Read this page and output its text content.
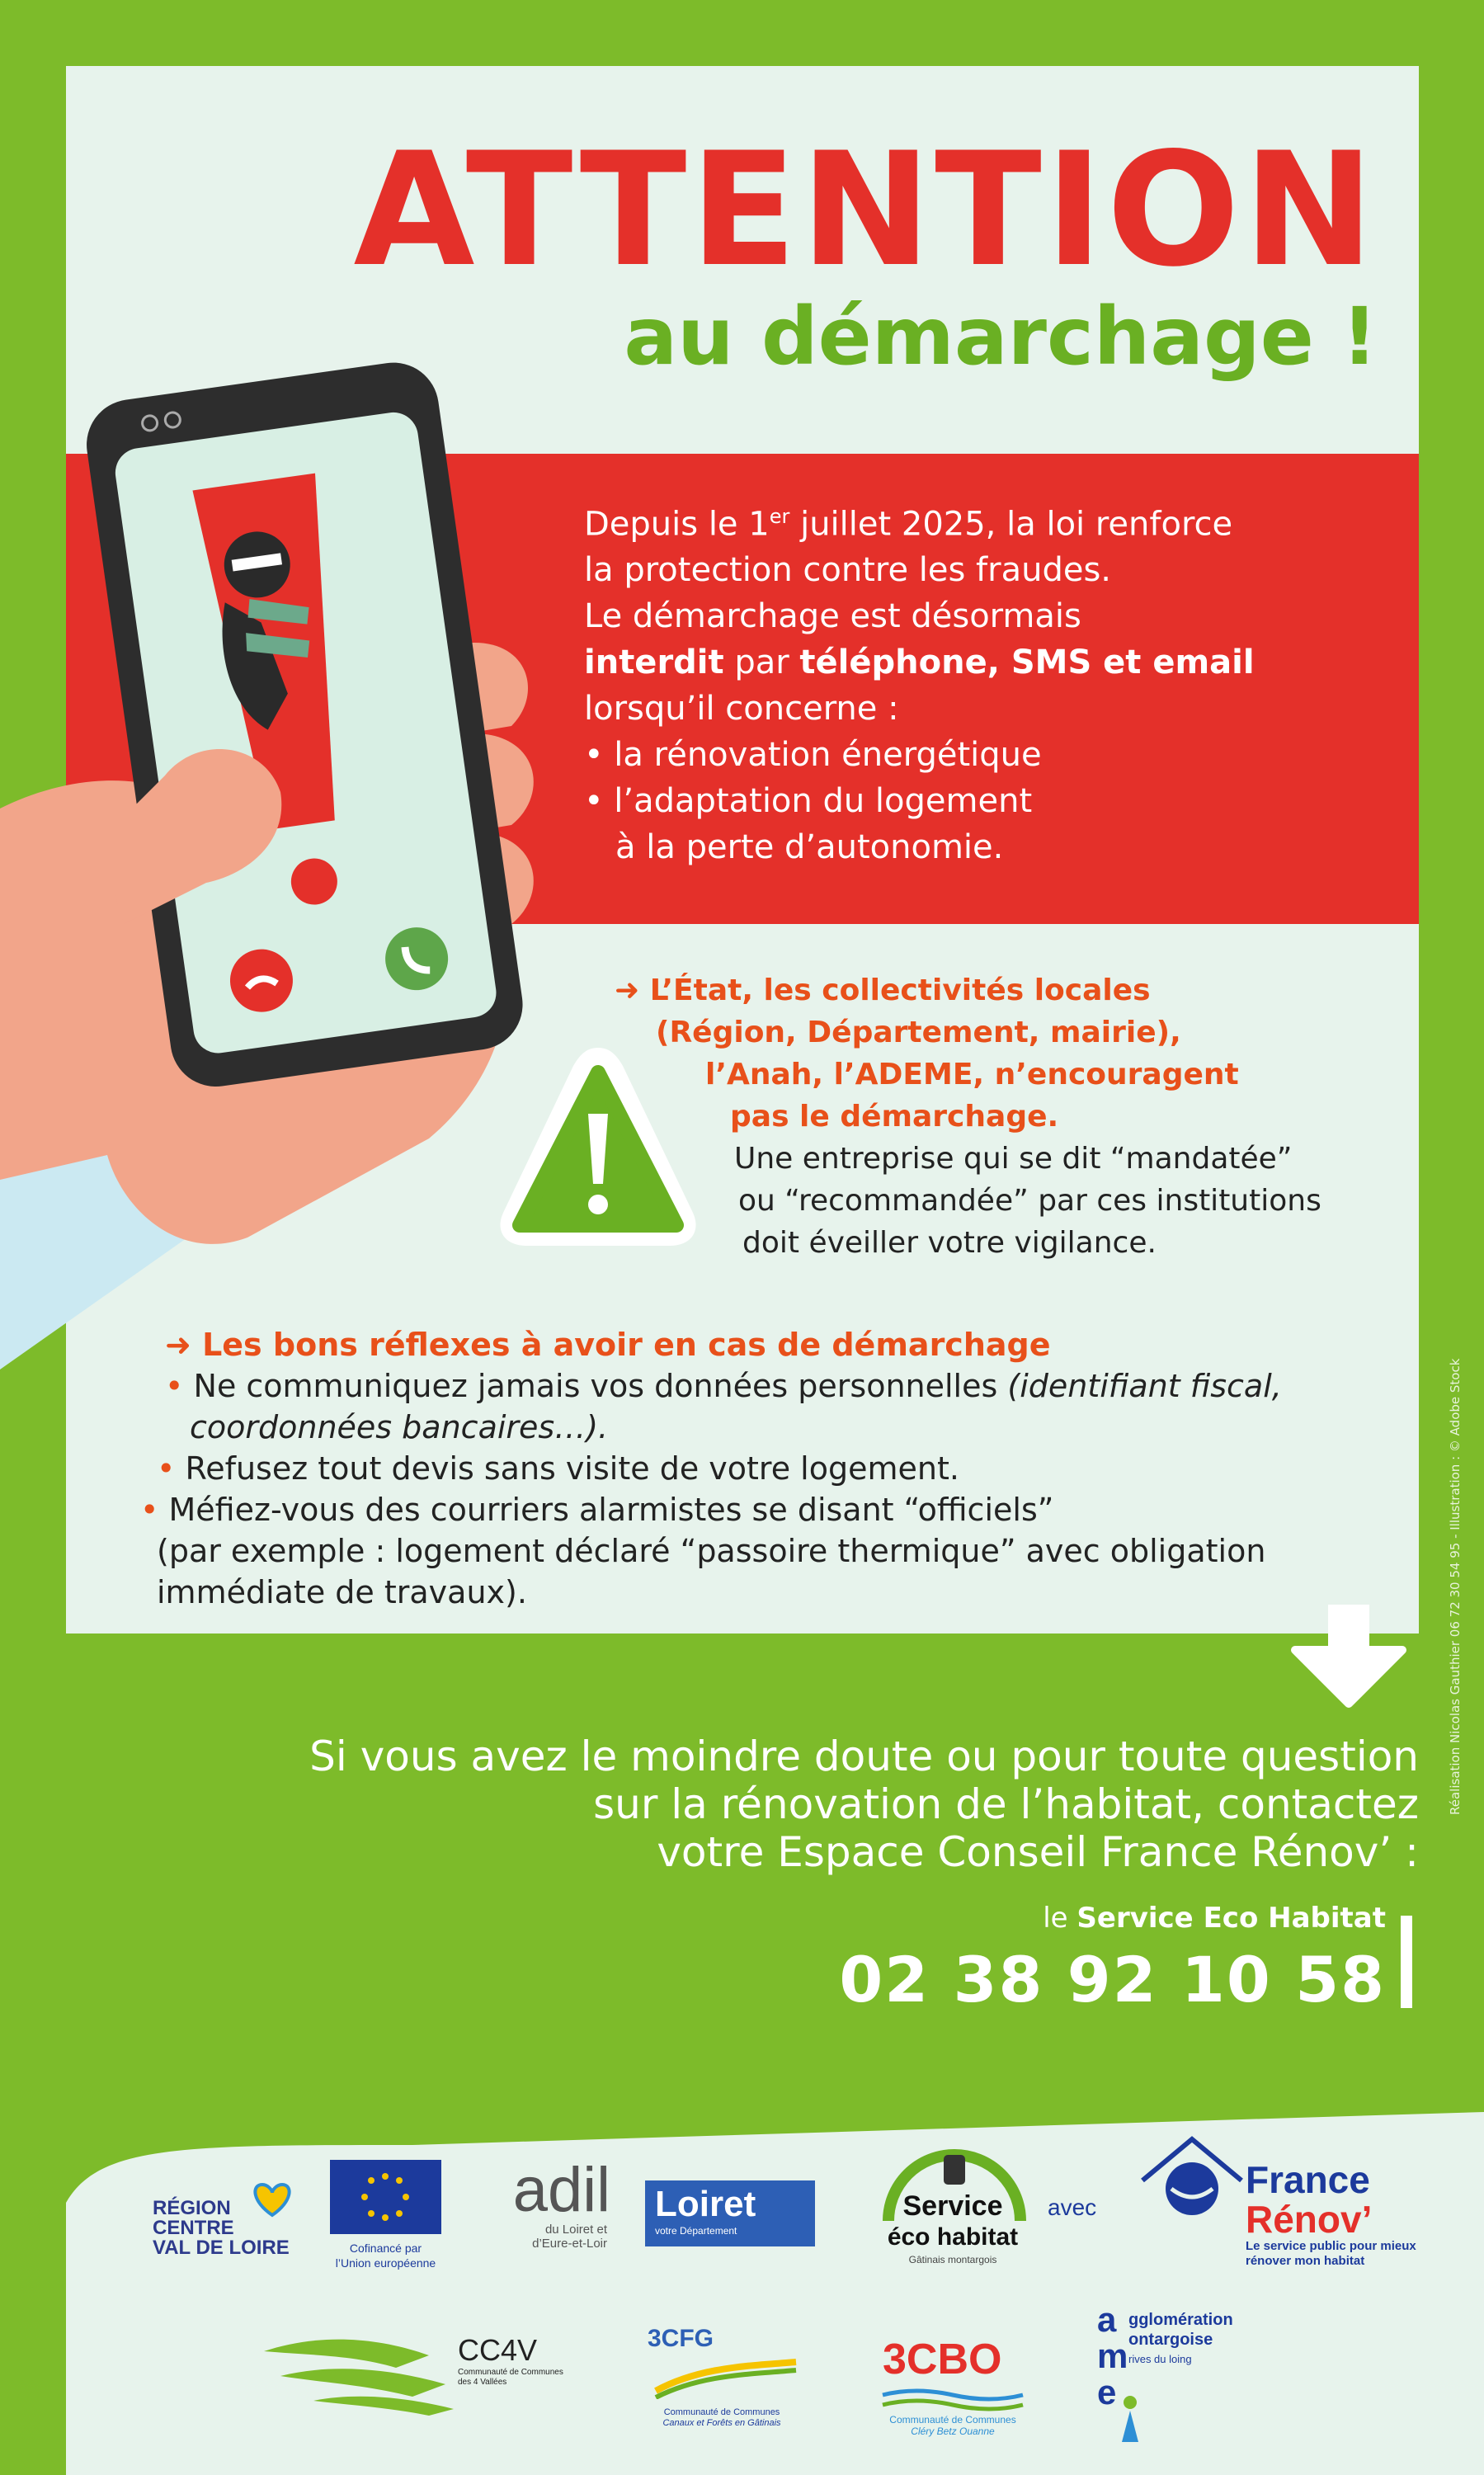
ATTENTION
au démarchage !

Depuis le 1er juillet 2025, la loi renforce

la protection contre les fraudes.

Le démarchage est désormais

interdit par téléphone, SMS et email

lorsqu’il concerne :

• la rénovation énergétique

• l’adaptation du logement

à la perte d’autonomie.

➜ L’État, les collectivités locales
(Région, Département, mairie),
l’Anah, l’ADEME, n’encouragent
pas le démarchage.
Une entreprise qui se dit “mandatée”
ou “recommandée” par ces institutions
doit éveiller votre vigilance.
➜ Les bons réflexes à avoir en cas de démarchage
• Ne communiquez jamais vos données personnelles (identifiant fiscal,
coordonnées bancaires…).
• Refusez tout devis sans visite de votre logement.
• Méfiez-vous des courriers alarmistes se disant “officiels”
(par exemple : logement déclaré “passoire thermique” avec obligation
immédiate de travaux).	Réalisation Nicolas Gauthier 06 72 30 54 95 - Illustration : © Adobe Stock
Si vous avez le moindre doute ou pour toute question
sur la rénovation de l’habitat, contactez
votre Espace Conseil France Rénov’ :
le Service Eco Habitat
02 38 92 10 58
RÉGION
CENTRE
VAL DE LOIRE	Cofinancé par
l’Union européenne
adil
du Loiret et
d’Eure-et-Loir
Loiret
votre Département
Service
éco habitat
Gâtinais montargois
avec
France
Rénov’
Le service public pour mieux
rénover mon habitat
CC4V
Communauté de Communes
des 4 Vallées
3CFG
Communauté de Communes
Canaux et Forêts en Gâtinais
3CBO
Communauté de Communes
Cléry Betz Ouanne
a
m
e
gglomération
ontargoise
rives du loing
